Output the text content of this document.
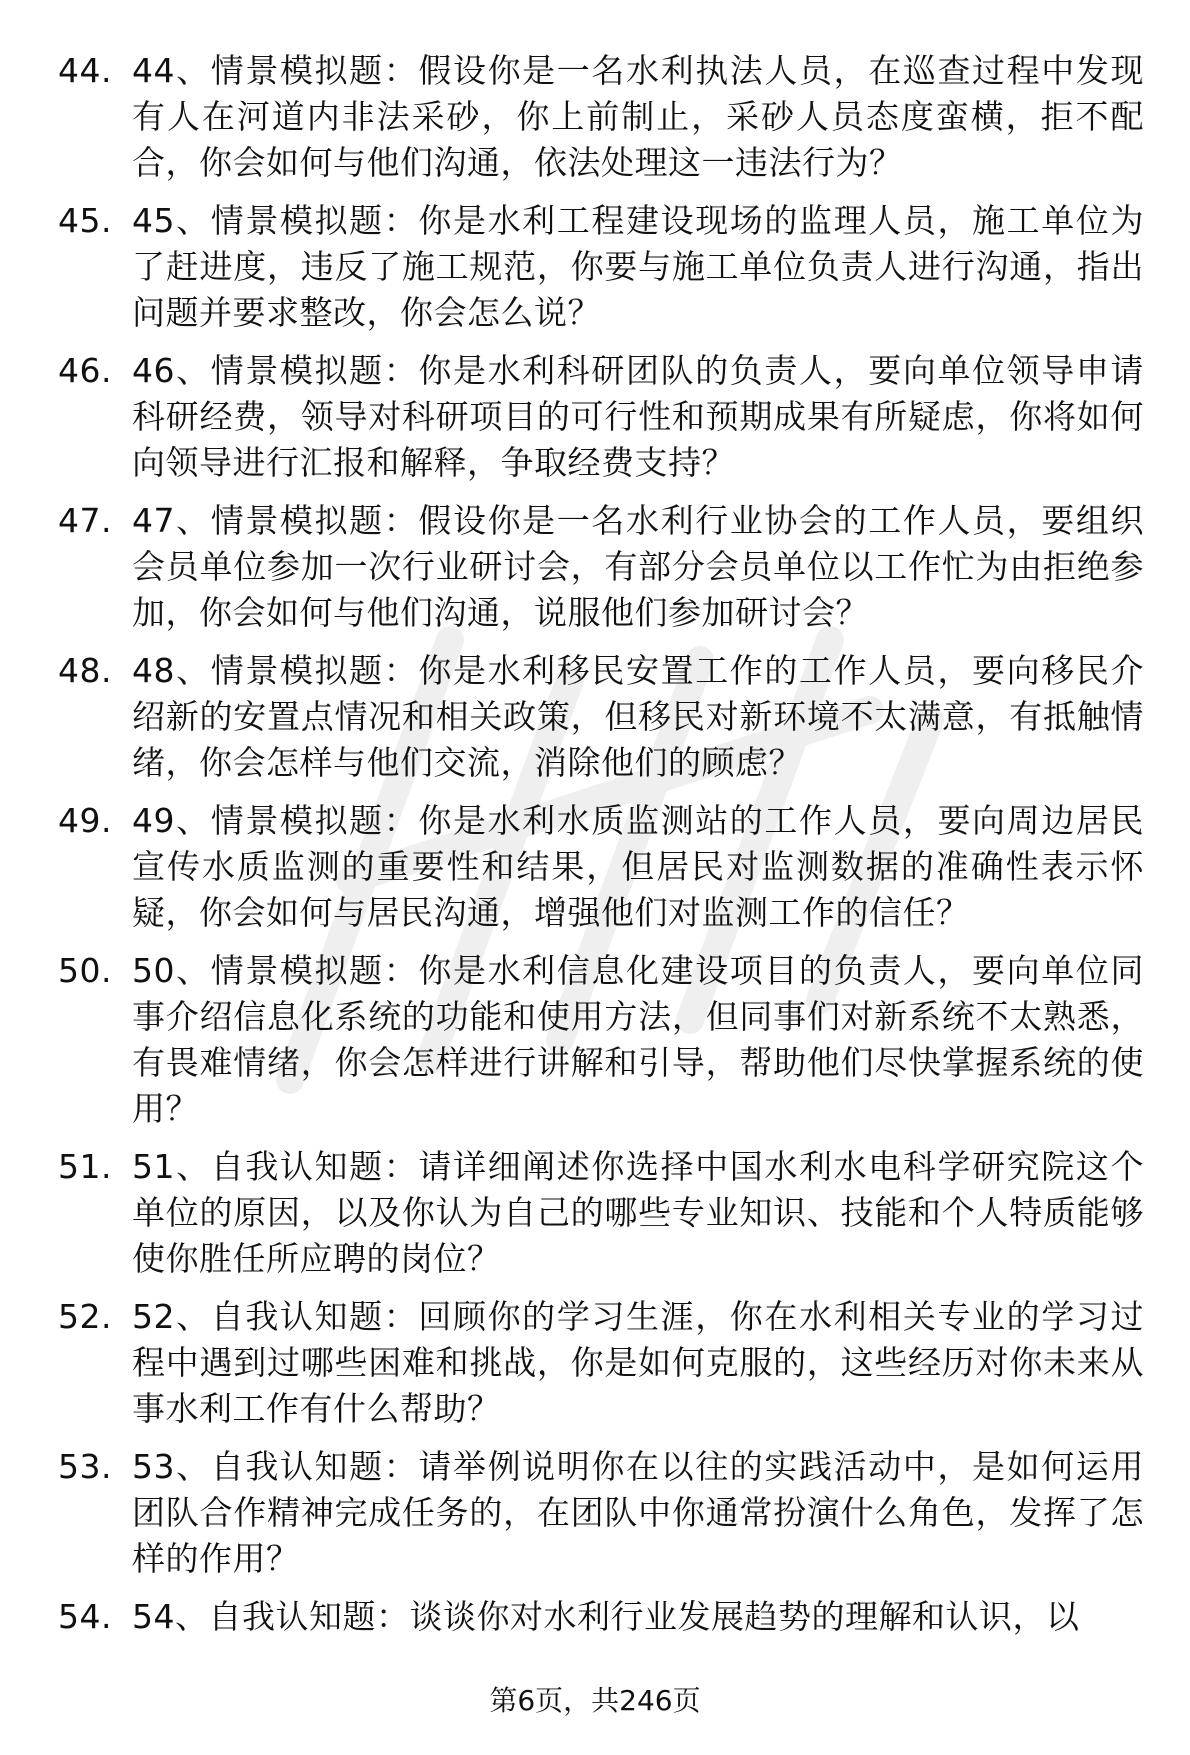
44. 44、情景模拟题：假设你是一名水利执法人员，在巡查过程中发现有人在河道内非法采砂，你上前制止，采砂人员态度蛮横，拒不配合，你会如何与他们沟通，依法处理这一违法行为？
45. 45、情景模拟题：你是水利工程建设现场的监理人员，施工单位为了赶进度，违反了施工规范，你要与施工单位负责人进行沟通，指出问题并要求整改，你会怎么说？
46. 46、情景模拟题：你是水利科研团队的负责人，要向单位领导申请科研经费，领导对科研项目的可行性和预期成果有所疑虑，你将如何向领导进行汇报和解释，争取经费支持？
47. 47、情景模拟题：假设你是一名水利行业协会的工作人员，要组织会员单位参加一次行业研讨会，有部分会员单位以工作忙为由拒绝参加，你会如何与他们沟通，说服他们参加研讨会？
48. 48、情景模拟题：你是水利移民安置工作的工作人员，要向移民介绍新的安置点情况和相关政策，但移民对新环境不太满意，有抵触情绪，你会怎样与他们交流，消除他们的顾虑？
49. 49、情景模拟题：你是水利水质监测站的工作人员，要向周边居民宣传水质监测的重要性和结果，但居民对监测数据的准确性表示怀疑，你会如何与居民沟通，增强他们对监测工作的信任？
50. 50、情景模拟题：你是水利信息化建设项目的负责人，要向单位同事介绍信息化系统的功能和使用方法，但同事们对新系统不太熟悉，有畏难情绪，你会怎样进行讲解和引导，帮助他们尽快掌握系统的使用？
51. 51、自我认知题：请详细阐述你选择中国水利水电科学研究院这个单位的原因，以及你认为自己的哪些专业知识、技能和个人特质能够使你胜任所应聘的岗位？
52. 52、自我认知题：回顾你的学习生涯，你在水利相关专业的学习过程中遇到过哪些困难和挑战，你是如何克服的，这些经历对你未来从事水利工作有什么帮助？
53. 53、自我认知题：请举例说明你在以往的实践活动中，是如何运用团队合作精神完成任务的，在团队中你通常扮演什么角色，发挥了怎样的作用？
54. 54、自我认知题：谈谈你对水利行业发展趋势的理解和认识，以
第6页，共246页
